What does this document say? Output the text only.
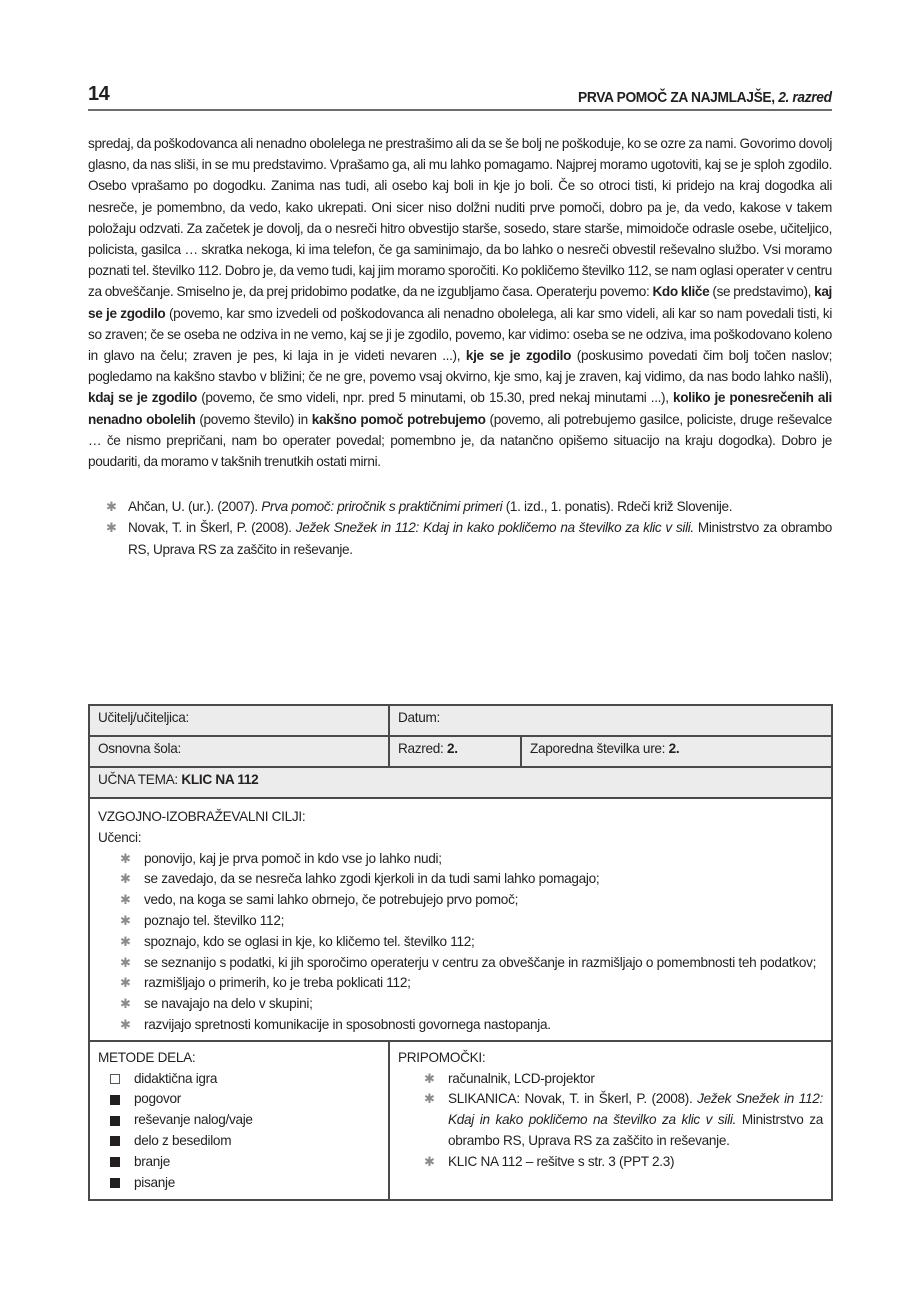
14	PRVA POMOČ ZA NAJMLAJŠE, 2. razred
spredaj, da poškodovanca ali nenadno obolelega ne prestrašimo ali da se še bolj ne poškoduje, ko se ozre za nami. Govorimo dovolj glasno, da nas sliši, in se mu predstavimo. Vprašamo ga, ali mu lahko pomagamo. Najprej moramo ugotoviti, kaj se je sploh zgodilo. Osebo vprašamo po dogodku. Zanima nas tudi, ali osebo kaj boli in kje jo boli. Če so otroci tisti, ki pridejo na kraj dogodka ali nesreče, je pomembno, da vedo, kako ukrepati. Oni sicer niso dolžni nuditi prve pomoči, dobro pa je, da vedo, kakose v takem položaju odzvati. Za začetek je dovolj, da o nesreči hitro obvestijo starše, sosedo, stare starše, mimoidoče odrasle osebe, učiteljico, policista, gasilca … skratka nekoga, ki ima telefon, če ga saminimajo, da bo lahko o nesreči obvestil reševalno službo. Vsi moramo poznati tel. številko 112. Dobro je, da vemo tudi, kaj jim moramo sporočiti. Ko pokličemo številko 112, se nam oglasi operater v centru za obveščanje. Smiselno je, da prej pridobimo podatke, da ne izgubljamo časa. Operaterju povemo: Kdo kliče (se predstavimo), kaj se je zgodilo (povemo, kar smo izvedeli od poškodovanca ali nenadno obolelega, ali kar smo videli, ali kar so nam povedali tisti, ki so zraven; če se oseba ne odziva in ne vemo, kaj se ji je zgodilo, povemo, kar vidimo: oseba se ne odziva, ima poškodovano koleno in glavo na čelu; zraven je pes, ki laja in je videti nevaren ...), kje se je zgodilo (poskusimo povedati čim bolj točen naslov; pogledamo na kakšno stavbo v bližini; če ne gre, povemo vsaj okvirno, kje smo, kaj je zraven, kaj vidimo, da nas bodo lahko našli), kdaj se je zgodilo (povemo, če smo videli, npr. pred 5 minutami, ob 15.30, pred nekaj minutami ...), koliko je ponesrečenih ali nenadno obolelih (povemo število) in kakšno pomoč potrebujemo (povemo, ali potrebujemo gasilce, policiste, druge reševalce … če nismo prepričani, nam bo operater povedal; pomembno je, da natančno opišemo situacijo na kraju dogodka). Dobro je poudariti, da moramo v takšnih trenutkih ostati mirni.
✱ Ahčan, U. (ur.). (2007). Prva pomoč: priročnik s praktičnimi primeri (1. izd., 1. ponatis). Rdeči križ Slovenije.
✱ Novak, T. in Škerl, P. (2008). Ježek Snežek in 112: Kdaj in kako pokličemo na številko za klic v sili. Ministrstvo za obrambo RS, Uprava RS za zaščito in reševanje.
Učitelj/učiteljica:	Datum:	
Osnovna šola:	Razred: 2.	Zaporedna številka ure: 2.
UČNA TEMA: KLIC NA 112		

VZGOJNO-IZOBRAŽEVALNI CILJI:
Učenci:
✱ ponovijo, kaj je prva pomoč in kdo vse jo lahko nudi;
✱ se zavedajo, da se nesreča lahko zgodi kjerkoli in da tudi sami lahko pomagajo;
✱ vedo, na koga se sami lahko obrnejo, če potrebujejo prvo pomoč;
✱ poznajo tel. številko 112;
✱ spoznajo, kdo se oglasi in kje, ko kličemo tel. številko 112;
✱ se seznanijo s podatki, ki jih sporočimo operaterju v centru za obveščanje in razmišljajo o pomembnosti teh podatkov;
✱ razmišljajo o primerih, ko je treba poklicati 112;
✱ se navajajo na delo v skupini;
✱ razvijajo spretnosti komunikacije in sposobnosti govornega nastopanja.

METODE DELA:
didaktična igra
pogovor
reševanje nalog/vaje
delo z besedilom
branje
pisanje

PRIPOMOČKI:
✱ računalnik, LCD-projektor
✱ SLIKANICA: Novak, T. in Škerl, P. (2008). Ježek Snežek in 112: Kdaj in kako pokličemo na številko za klic v sili. Ministrstvo za obrambo RS, Uprava RS za zaščito in reševanje.
✱ KLIC NA 112 – rešitve s str. 3 (PPT 2.3)
